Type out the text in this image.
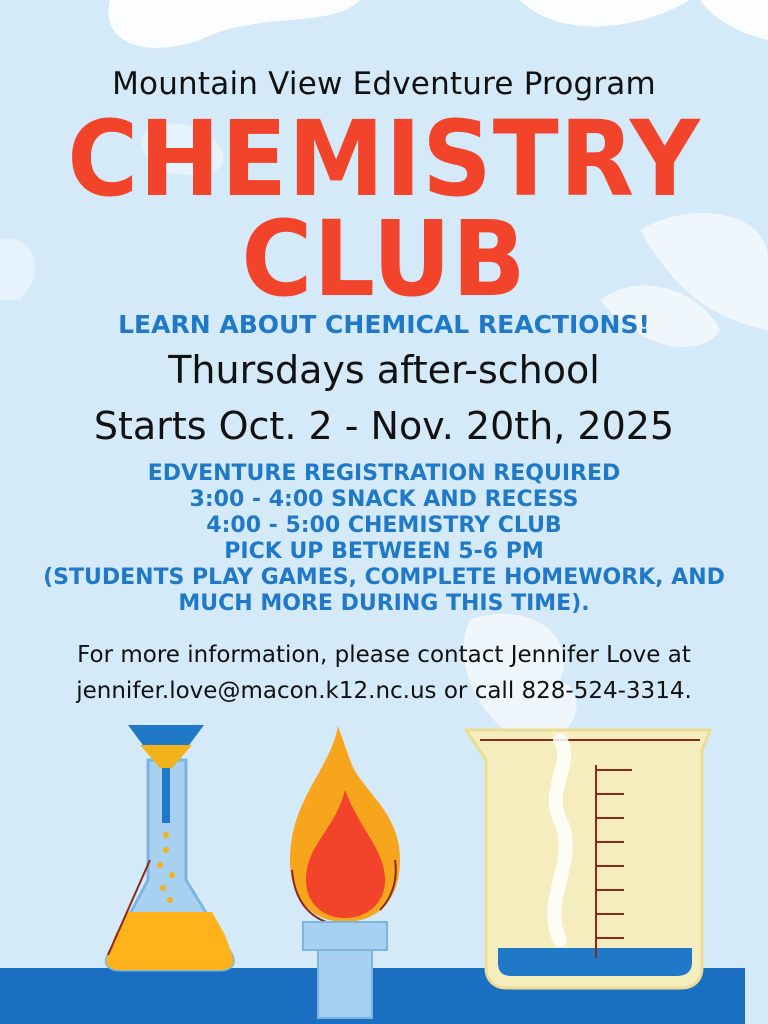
Mountain View Edventure Program
CHEMISTRY
CLUB
LEARN ABOUT CHEMICAL REACTIONS!
Thursdays after-school
Starts Oct. 2 - Nov. 20th, 2025
EDVENTURE REGISTRATION REQUIRED
3:00 - 4:00 SNACK AND RECESS
4:00 - 5:00 CHEMISTRY CLUB
PICK UP BETWEEN 5-6 PM
(STUDENTS PLAY GAMES, COMPLETE HOMEWORK, AND
MUCH MORE DURING THIS TIME).
For more information, please contact Jennifer Love at
jennifer.love@macon.k12.nc.us or call 828-524-3314.
